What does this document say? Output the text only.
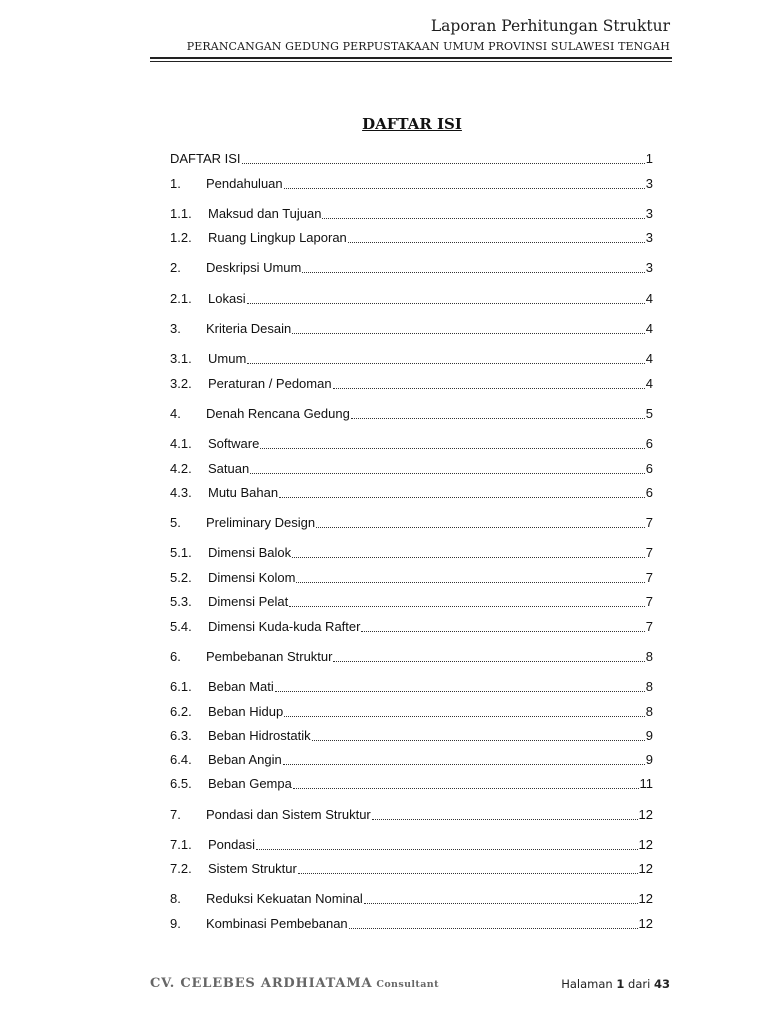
Laporan Perhitungan Struktur
PERANCANGAN GEDUNG PERPUSTAKAAN UMUM PROVINSI SULAWESI TENGAH
DAFTAR ISI
DAFTAR ISI	1
1.	Pendahuluan	3
1.1.	Maksud dan Tujuan	3
1.2.	Ruang Lingkup Laporan	3
2.	Deskripsi Umum	3
2.1.	Lokasi	4
3.	Kriteria Desain	4
3.1.	Umum	4
3.2.	Peraturan / Pedoman	4
4.	Denah Rencana Gedung	5
4.1.	Software	6
4.2.	Satuan	6
4.3.	Mutu Bahan	6
5.	Preliminary Design	7
5.1.	Dimensi Balok	7
5.2.	Dimensi Kolom	7
5.3.	Dimensi Pelat	7
5.4.	Dimensi Kuda-kuda Rafter	7
6.	Pembebanan Struktur	8
6.1.	Beban Mati	8
6.2.	Beban Hidup	8
6.3.	Beban Hidrostatik	9
6.4.	Beban Angin	9
6.5.	Beban Gempa	11
7.	Pondasi dan Sistem Struktur	12
7.1.	Pondasi	12
7.2.	Sistem Struktur	12
8.	Reduksi Kekuatan Nominal	12
9.	Kombinasi Pembebanan	12
CV. CELEBES ARDHIATAMA Consultant	Halaman 1 dari 43
